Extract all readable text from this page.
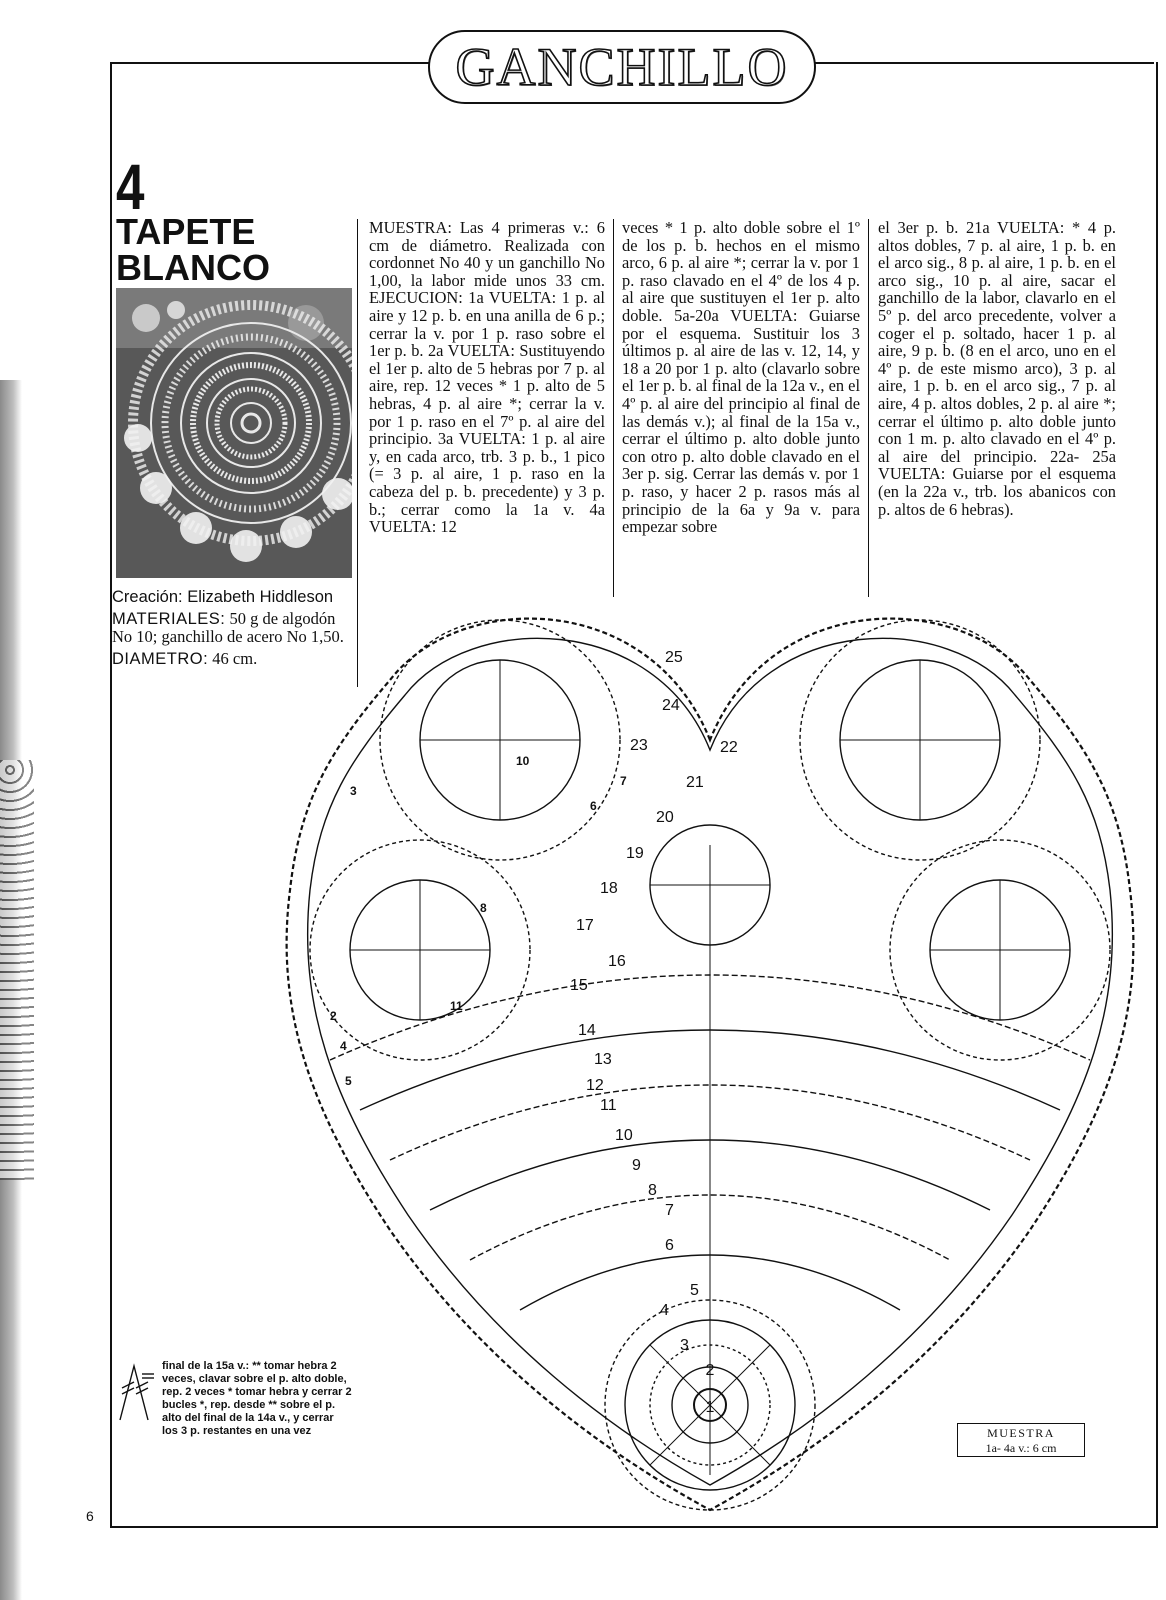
GANCHILLO
4
TAPETE
BLANCO
Creación: Elizabeth Hiddleson
MATERIALES: 50 g de algodón No 10; ganchillo de acero No 1,50.
DIAMETRO: 46 cm.

MUESTRA: Las 4 primeras v.: 6 cm de diámetro. Realizada con cordonnet No 40 y un ganchillo No 1,00, la labor mide unos 33 cm. EJECUCION: 1a VUELTA: 1 p. al aire y 12 p. b. en una anilla de 6 p.; cerrar la v. por 1 p. raso sobre el 1er p. b. 2a VUELTA: Sustituyendo el 1er p. alto de 5 hebras por 7 p. al aire, rep. 12 veces * 1 p. alto de 5 hebras, 4 p. al aire *; cerrar la v. por 1 p. raso en el 7º p. al aire del principio. 3a VUELTA: 1 p. al aire y, en cada arco, trb. 3 p. b., 1 pico (= 3 p. al aire, 1 p. raso en la cabeza del p. b. precedente) y 3 p. b.; cerrar como la 1a v. 4a VUELTA: 12

veces * 1 p. alto doble sobre el 1º de los p. b. hechos en el mismo arco, 6 p. al aire *; cerrar la v. por 1 p. raso clavado en el 4º de los 4 p. al aire que sustituyen el 1er p. alto doble. 5a-20a VUELTA: Guiarse por el esquema. Sustituir los 3 últimos p. al aire de las v. 12, 14, y 18 a 20 por 1 p. alto (clavarlo sobre el 1er p. b. al final de la 12a v., en el 4º p. al aire del principio al final de las demás v.); al final de la 15a v., cerrar el último p. alto doble junto con otro p. alto doble clavado en el 3er p. sig. Cerrar las demás v. por 1 p. raso, y hacer 2 p. rasos más al principio de la 6a y 9a v. para empezar sobre

el 3er p. b. 21a VUELTA: * 4 p. altos dobles, 7 p. al aire, 1 p. b. en el arco sig., 8 p. al aire, 1 p. b. en el arco sig., 10 p. al aire, sacar el ganchillo de la labor, clavarlo en el 5º p. del arco precedente, volver a coger el p. soltado, hacer 1 p. al aire, 9 p. b. (8 en el arco, uno en el 4º p. de este mismo arco), 3 p. al aire, 1 p. b. en el arco sig., 7 p. al aire, 4 p. altos dobles, 2 p. al aire *; cerrar el último p. alto doble junto con 1 m. p. alto clavado en el 4º p. al aire del principio. 22a- 25a VUELTA: Guiarse por el esquema (en la 22a v., trb. los abanicos con p. altos de 6 hebras).

1
2
3
4
5
6
7
8
9
10
11
12
13
14
15
16
17
18
19
20
21
22
23
24
25
2
3
4
5
6
7
8
10
11
final de la 15a v.: ** tomar hebra 2 veces, clavar sobre el p. alto doble, rep. 2 veces * tomar hebra y cerrar 2 bucles *, rep. desde ** sobre el p. alto del final de la 14a v., y cerrar los 3 p. restantes en una vez	MUESTRA
1a- 4a v.: 6 cm
6
